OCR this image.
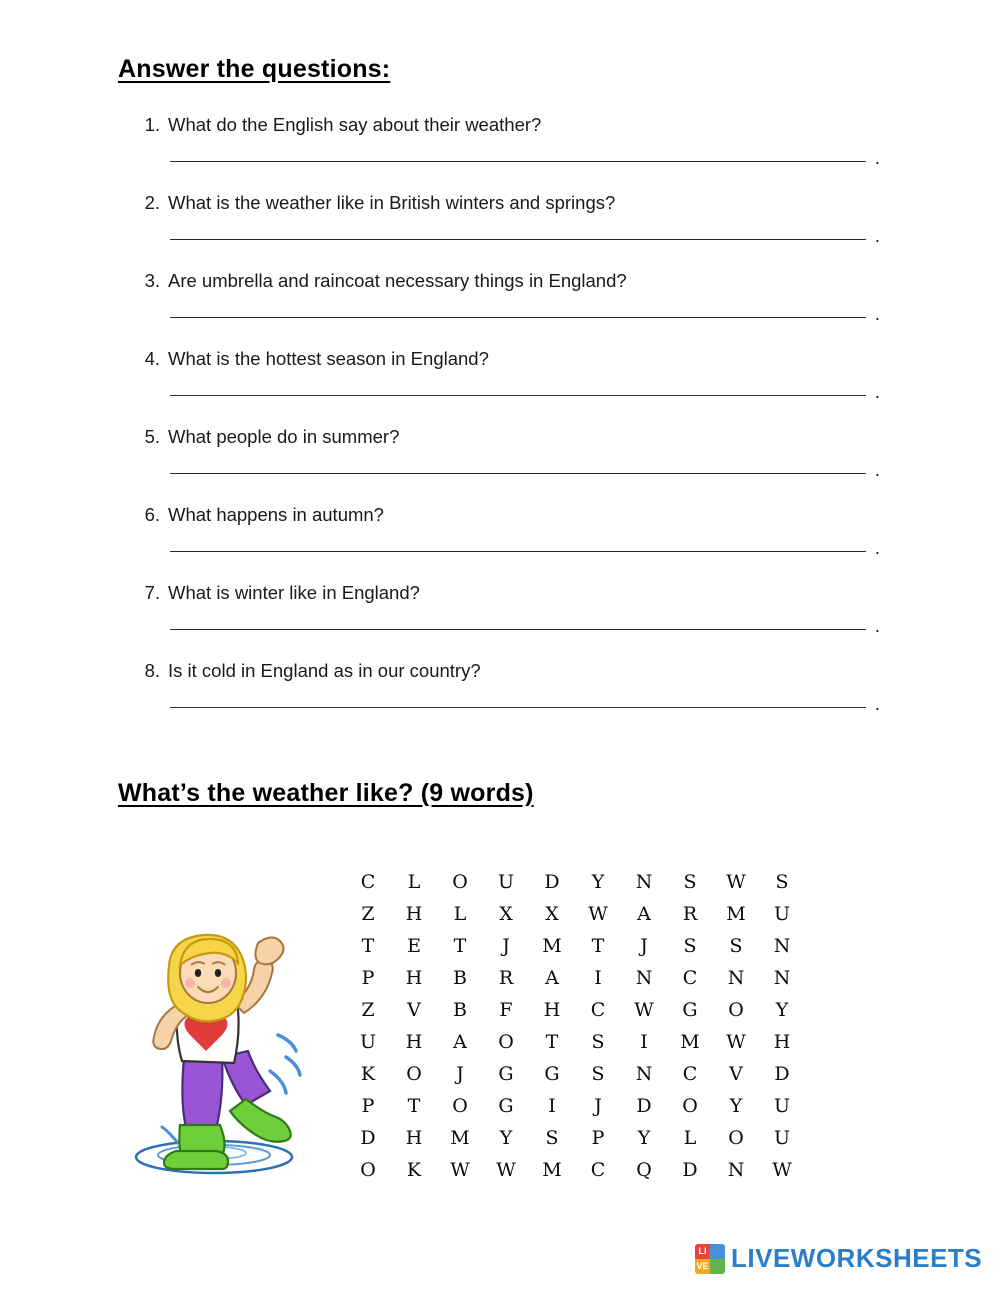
Answer the questions:
1. What do the English say about their weather?
.
2. What is the weather like in British winters and springs?
.
3. Are umbrella and raincoat necessary things in England?
.
4. What is the hottest season in England?
.
5. What people do in summer?
.
6. What happens in autumn?
.
7. What is winter like in England?
.
8. Is it cold in England as in our country?
.
What’s the weather like? (9 words)
C	L	O	U	D	Y	N	S	W	S
Z	H	L	X	X	W	A	R	M	U
T	E	T	J	M	T	J	S	S	N
P	H	B	R	A	I	N	C	N	N
Z	V	B	F	H	C	W	G	O	Y
U	H	A	O	T	S	I	M	W	H
K	O	J	G	G	S	N	C	V	D
P	T	O	G	I	J	D	O	Y	U
D	H	M	Y	S	P	Y	L	O	U
O	K	W	W	M	C	Q	D	N	W
LI
VE LIVEWORKSHEETS
